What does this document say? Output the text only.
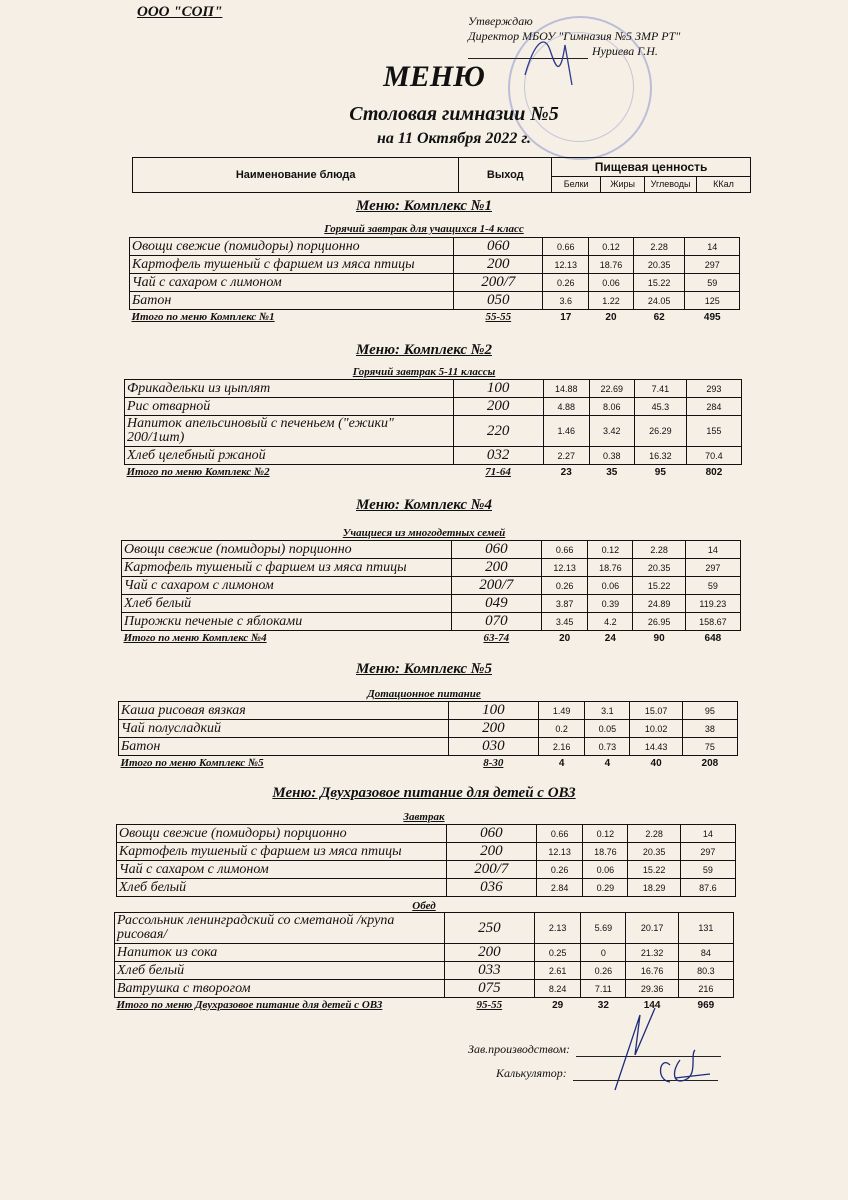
ООО "СОП"
Утверждаю
Директор МБОУ "Гимназия №5 ЗМР РТ"
Нуриева Г.Н.
МЕНЮ
Столовая гимназии №5
на 11 Октября 2022 г.
Наименование блюда	Выход	Пищевая ценность			
		Белки	Жиры	Углеводы	ККал
Меню: Комплекс №1
Горячий завтрак для учащихся 1-4 класс
Овощи свежие (помидоры) порционно	060	0.66	0.12	2.28	14
Картофель тушеный с фаршем из мяса птицы	200	12.13	18.76	20.35	297
Чай с сахаром с лимоном	200/7	0.26	0.06	15.22	59
Батон	050	3.6	1.22	24.05	125
Итого по меню Комплекс №1	55-55	17	20	62	495
Меню: Комплекс №2
Горячий завтрак 5-11 классы
Фрикадельки из цыплят	100	14.88	22.69	7.41	293
Рис отварной	200	4.88	8.06	45.3	284
Напиток апельсиновый с печеньем ("ежики" 200/1шт)	220	1.46	3.42	26.29	155
Хлеб целебный ржаной	032	2.27	0.38	16.32	70.4
Итого по меню Комплекс №2	71-64	23	35	95	802
Меню: Комплекс №4
Учащиеся из многодетных семей
Овощи свежие (помидоры) порционно	060	0.66	0.12	2.28	14
Картофель тушеный с фаршем из мяса птицы	200	12.13	18.76	20.35	297
Чай с сахаром с лимоном	200/7	0.26	0.06	15.22	59
Хлеб белый	049	3.87	0.39	24.89	119.23
Пирожки печеные с яблоками	070	3.45	4.2	26.95	158.67
Итого по меню Комплекс №4	63-74	20	24	90	648
Меню: Комплекс №5
Дотационное питание
Каша рисовая вязкая	100	1.49	3.1	15.07	95
Чай полусладкий	200	0.2	0.05	10.02	38
Батон	030	2.16	0.73	14.43	75
Итого по меню Комплекс №5	8-30	4	4	40	208
Меню: Двухразовое питание для детей с ОВЗ
Завтрак
Овощи свежие (помидоры) порционно	060	0.66	0.12	2.28	14
Картофель тушеный с фаршем из мяса птицы	200	12.13	18.76	20.35	297
Чай с сахаром с лимоном	200/7	0.26	0.06	15.22	59
Хлеб белый	036	2.84	0.29	18.29	87.6
Обед
Рассольник ленинградский со сметаной /крупа рисовая/	250	2.13	5.69	20.17	131
Напиток из сока	200	0.25	0	21.32	84
Хлеб белый	033	2.61	0.26	16.76	80.3
Ватрушка с творогом	075	8.24	7.11	29.36	216
Итого по меню Двухразовое питание для детей с ОВЗ	95-55	29	32	144	969
Зав.производством:
Калькулятор:
